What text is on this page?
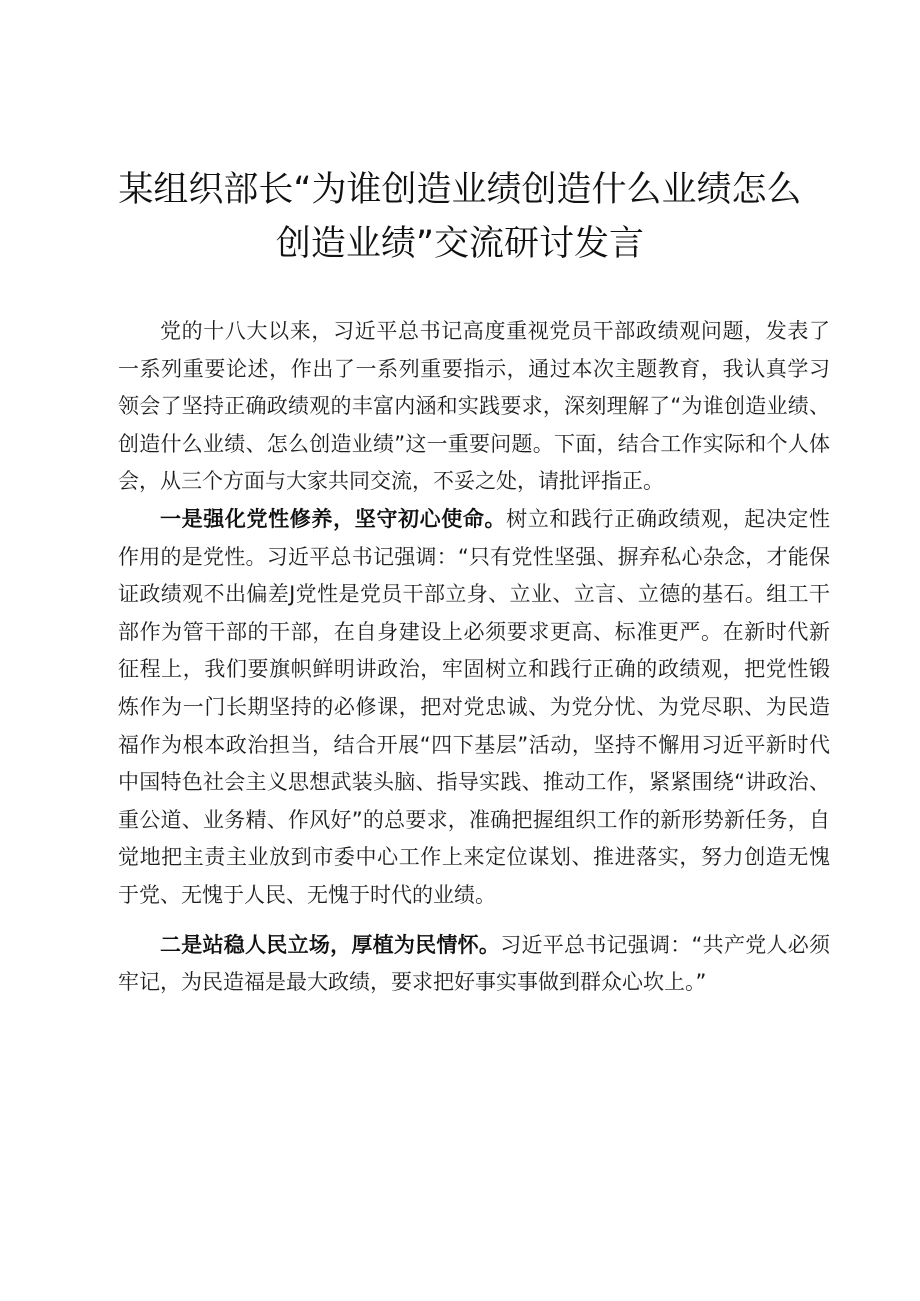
某组织部长“为谁创造业绩创造什么业绩怎么
创造业绩”交流研讨发言

党的十八大以来，习近平总书记高度重视党员干部政绩观问题，发表了一系列重要论述，作出了一系列重要指示，通过本次主题教育，我认真学习领会了坚持正确政绩观的丰富内涵和实践要求，深刻理解了“为谁创造业绩、创造什么业绩、怎么创造业绩”这一重要问题。下面，结合工作实际和个人体会，从三个方面与大家共同交流，不妥之处，请批评指正。

一是强化党性修养，坚守初心使命。树立和践行正确政绩观，起决定性作用的是党性。习近平总书记强调：“只有党性坚强、摒弃私心杂念，才能保证政绩观不出偏差J党性是党员干部立身、立业、立言、立德的基石。组工干部作为管干部的干部，在自身建设上必须要求更高、标准更严。在新时代新征程上，我们要旗帜鲜明讲政治，牢固树立和践行正确的政绩观，把党性锻炼作为一门长期坚持的必修课，把对党忠诚、为党分忧、为党尽职、为民造福作为根本政治担当，结合开展“四下基层”活动，坚持不懈用习近平新时代中国特色社会主义思想武装头脑、指导实践、推动工作，紧紧围绕“讲政治、重公道、业务精、作风好”的总要求，准确把握组织工作的新形势新任务，自觉地把主责主业放到市委中心工作上来定位谋划、推进落实，努力创造无愧于党、无愧于人民、无愧于时代的业绩。

二是站稳人民立场，厚植为民情怀。习近平总书记强调：“共产党人必须牢记，为民造福是最大政绩，要求把好事实事做到群众心坎上。”
